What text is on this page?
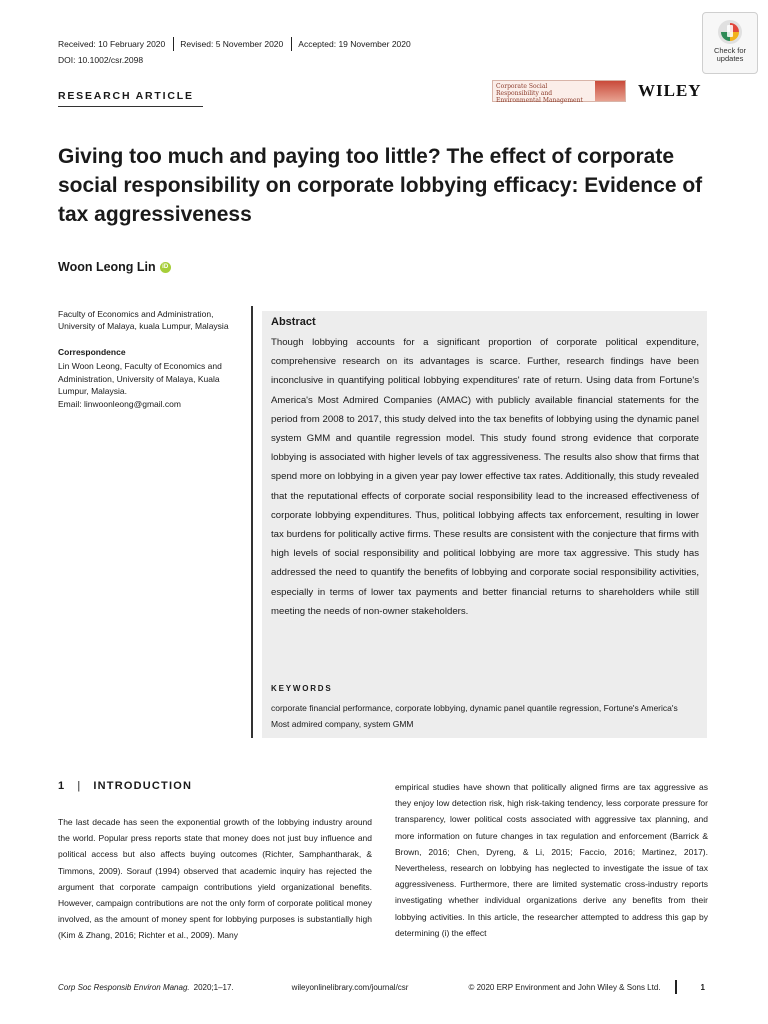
Received: 10 February 2020 Revised: 5 November 2020 Accepted: 19 November 2020
DOI: 10.1002/csr.2098
RESEARCH ARTICLE
Corporate Social Responsibility and Environmental Management
WILEY
Check for updates
Giving too much and paying too little? The effect of corporate social responsibility on corporate lobbying efficacy: Evidence of tax aggressiveness
Woon Leong Lin	iD
Faculty of Economics and Administration, University of Malaya, kuala Lumpur, Malaysia
Correspondence
Lin Woon Leong, Faculty of Economics and Administration, University of Malaya, Kuala Lumpur, Malaysia.
Email: linwoonleong@gmail.com
Abstract
Though lobbying accounts for a significant proportion of corporate political expenditure, comprehensive research on its advantages is scarce. Further, research findings have been inconclusive in quantifying political lobbying expenditures' rate of return. Using data from Fortune's America's Most Admired Companies (AMAC) with publicly available financial statements for the period from 2008 to 2017, this study delved into the tax benefits of lobbying using the dynamic panel system GMM and quantile regression model. This study found strong evidence that corporate lobbying is associated with higher levels of tax aggressiveness. The results also show that firms that spend more on lobbying in a given year pay lower effective tax rates. Additionally, this study revealed that the reputational effects of corporate social responsibility lead to the increased effectiveness of corporate lobbying expenditures. Thus, political lobbying affects tax enforcement, resulting in lower tax burdens for politically active firms. These results are consistent with the conjecture that firms with high levels of social responsibility and political lobbying are more tax aggressive. This study has addressed the need to quantify the benefits of lobbying and corporate social responsibility activities, especially in terms of lower tax payments and better financial returns to shareholders while still meeting the needs of non-owner stakeholders.
KEYWORDS
corporate financial performance, corporate lobbying, dynamic panel quantile regression, Fortune's America's Most admired company, system GMM
1 | INTRODUCTION
The last decade has seen the exponential growth of the lobbying industry around the world. Popular press reports state that money does not just buy influence and political access but also affects buying outcomes (Richter, Samphantharak, & Timmons, 2009). Sorauf (1994) observed that academic inquiry has rejected the argument that corporate campaign contributions yield organizational benefits. However, campaign contributions are not the only form of corporate political money involved, as the amount of money spent for lobbying purposes is substantially high (Kim & Zhang, 2016; Richter et al., 2009). Many
empirical studies have shown that politically aligned firms are tax aggressive as they enjoy low detection risk, high risk-taking tendency, less corporate pressure for transparency, lower political costs associated with aggressive tax planning, and more information on future changes in tax regulation and enforcement (Barrick & Brown, 2016; Chen, Dyreng, & Li, 2015; Faccio, 2016; Martinez, 2017). Nevertheless, research on lobbying has neglected to investigate the issue of tax aggressiveness. Furthermore, there are limited systematic cross-industry reports investigating whether individual organizations derive any benefits from their lobbying activities. In this article, the researcher attempted to address this gap by determining (i) the effect
Corp Soc Responsib Environ Manag. 2020;1–17.	wileyonlinelibrary.com/journal/csr	© 2020 ERP Environment and John Wiley & Sons Ltd.	1
